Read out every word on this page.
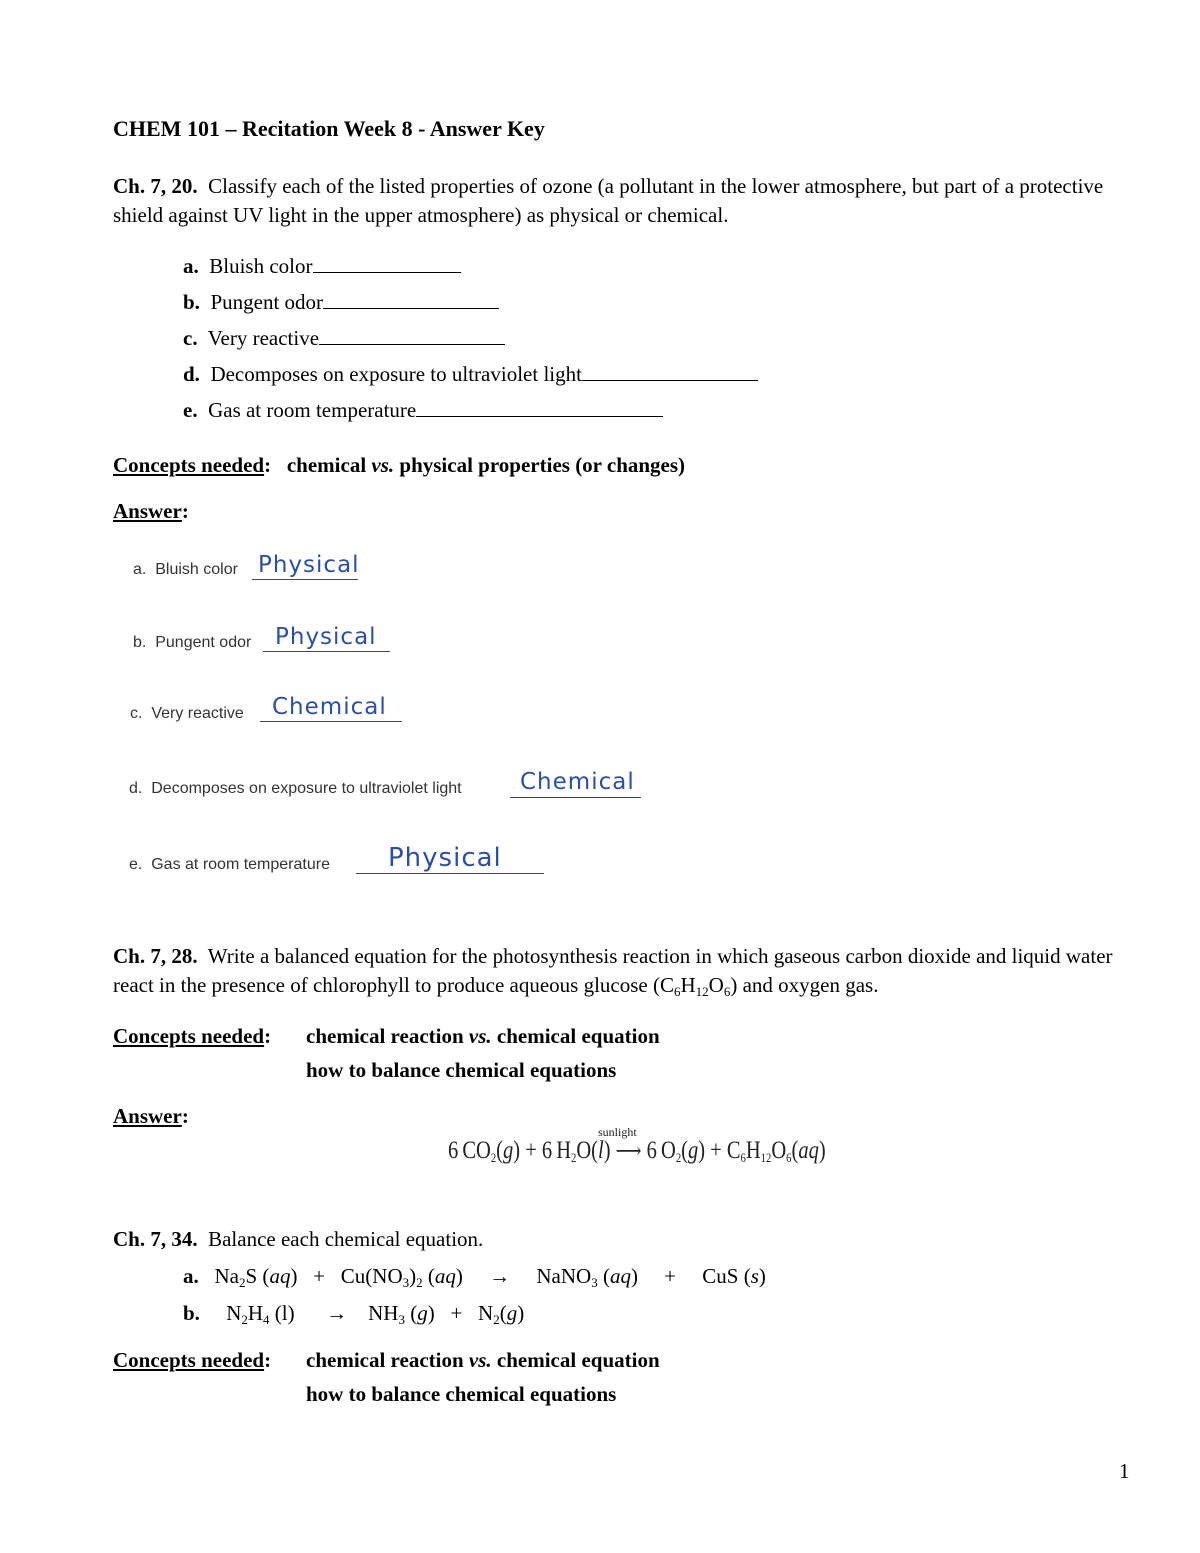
CHEM 101 – Recitation Week 8 - Answer Key
Ch. 7, 20. Classify each of the listed properties of ozone (a pollutant in the lower atmosphere, but part of a protective shield against UV light in the upper atmosphere) as physical or chemical.
a. Bluish color
b. Pungent odor
c. Very reactive
d. Decomposes on exposure to ultraviolet light
e. Gas at room temperature
Concepts needed:   chemical vs. physical properties (or changes)
Answer:
a. Bluish color Physical
b. Pungent odor Physical
c. Very reactive Chemical
d. Decomposes on exposure to ultraviolet light	Chemical
e. Gas at room temperature Physical
Ch. 7, 28. Write a balanced equation for the photosynthesis reaction in which gaseous carbon dioxide and liquid water react in the presence of chlorophyll to produce aqueous glucose $(C_6H_{12}O_6)$ and oxygen gas.
Concepts needed: chemical reaction vs. chemical equation
how to balance chemical equations
Answer:
sunlight
6 $CO_2(g) + 6$ $H_2O(l)$ ⟶ 6 $O_2(g) + C_6H_{12}O_6(aq)$
Ch. 7, 34. Balance each chemical equation.
a.   $Na_2S$ $(aq) + Cu(NO_3)_2$ (aq)     →     NaNO$_3$ (aq)     +     CuS (s)
b.     $N_2H_4$ (l)      →    $NH_3$ $(g) + N_2(g)$
Concepts needed: chemical reaction vs. chemical equation
how to balance chemical equations
1
